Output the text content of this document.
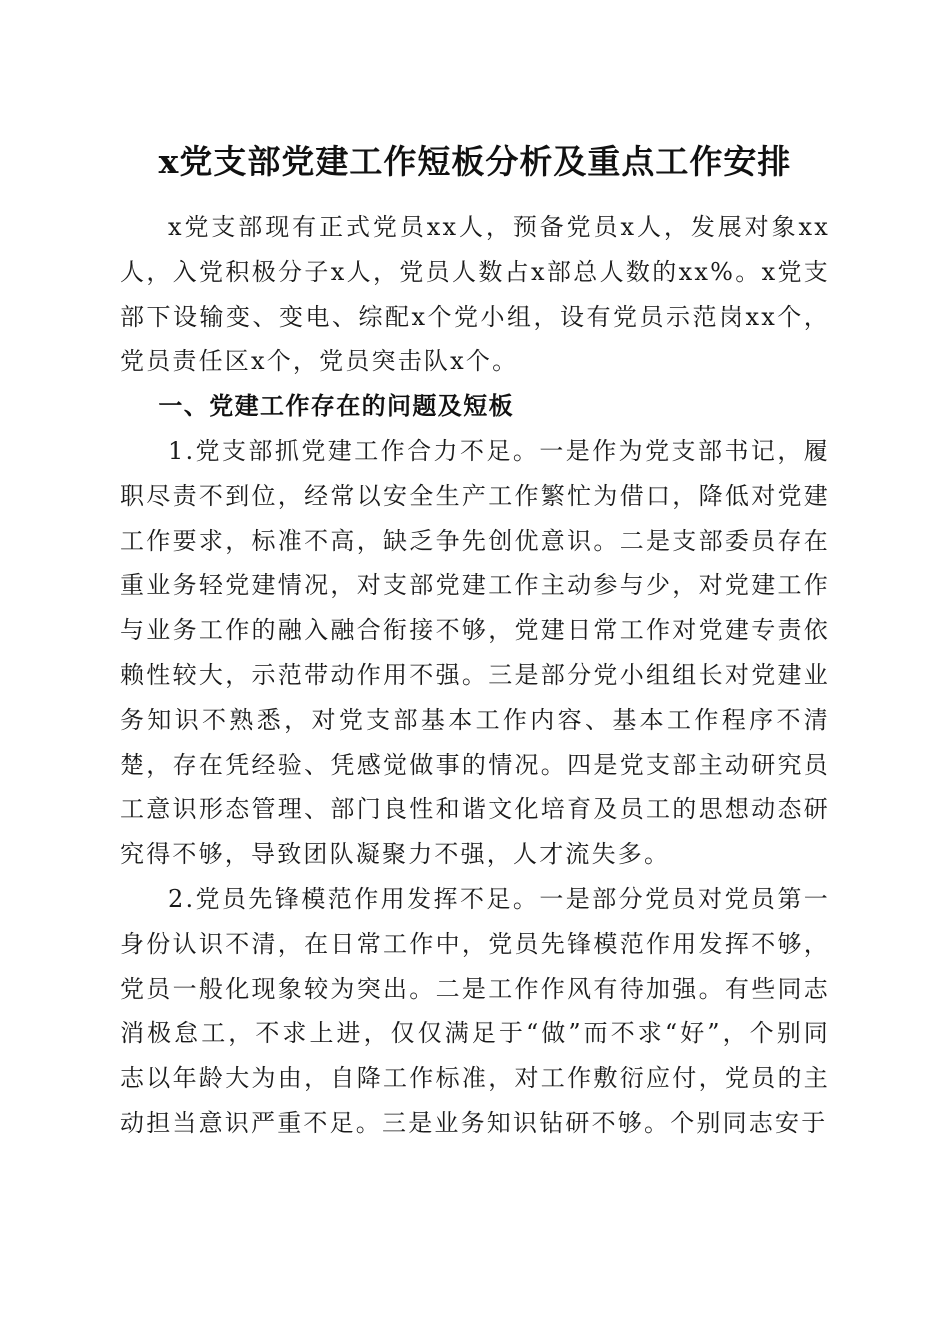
x党支部党建工作短板分析及重点工作安排

x党支部现有正式党员xx人，预备党员x人，发展对象xx人，入党积极分子x人，党员人数占x部总人数的xx%。x党支部下设输变、变电、综配x个党小组，设有党员示范岗xx个，党员责任区x个，党员突击队x个。

一、党建工作存在的问题及短板

1.党支部抓党建工作合力不足。一是作为党支部书记，履职尽责不到位，经常以安全生产工作繁忙为借口，降低对党建工作要求，标准不高，缺乏争先创优意识。二是支部委员存在重业务轻党建情况，对支部党建工作主动参与少，对党建工作与业务工作的融入融合衔接不够，党建日常工作对党建专责依赖性较大，示范带动作用不强。三是部分党小组组长对党建业务知识不熟悉，对党支部基本工作内容、基本工作程序不清楚，存在凭经验、凭感觉做事的情况。四是党支部主动研究员工意识形态管理、部门良性和谐文化培育及员工的思想动态研究得不够，导致团队凝聚力不强，人才流失多。

2.党员先锋模范作用发挥不足。一是部分党员对党员第一身份认识不清，在日常工作中，党员先锋模范作用发挥不够，党员一般化现象较为突出。二是工作作风有待加强。有些同志消极怠工，不求上进，仅仅满足于“做”而不求“好”，个别同志以年龄大为由，自降工作标准，对工作敷衍应付，党员的主动担当意识严重不足。三是业务知识钻研不够。个别同志安于
